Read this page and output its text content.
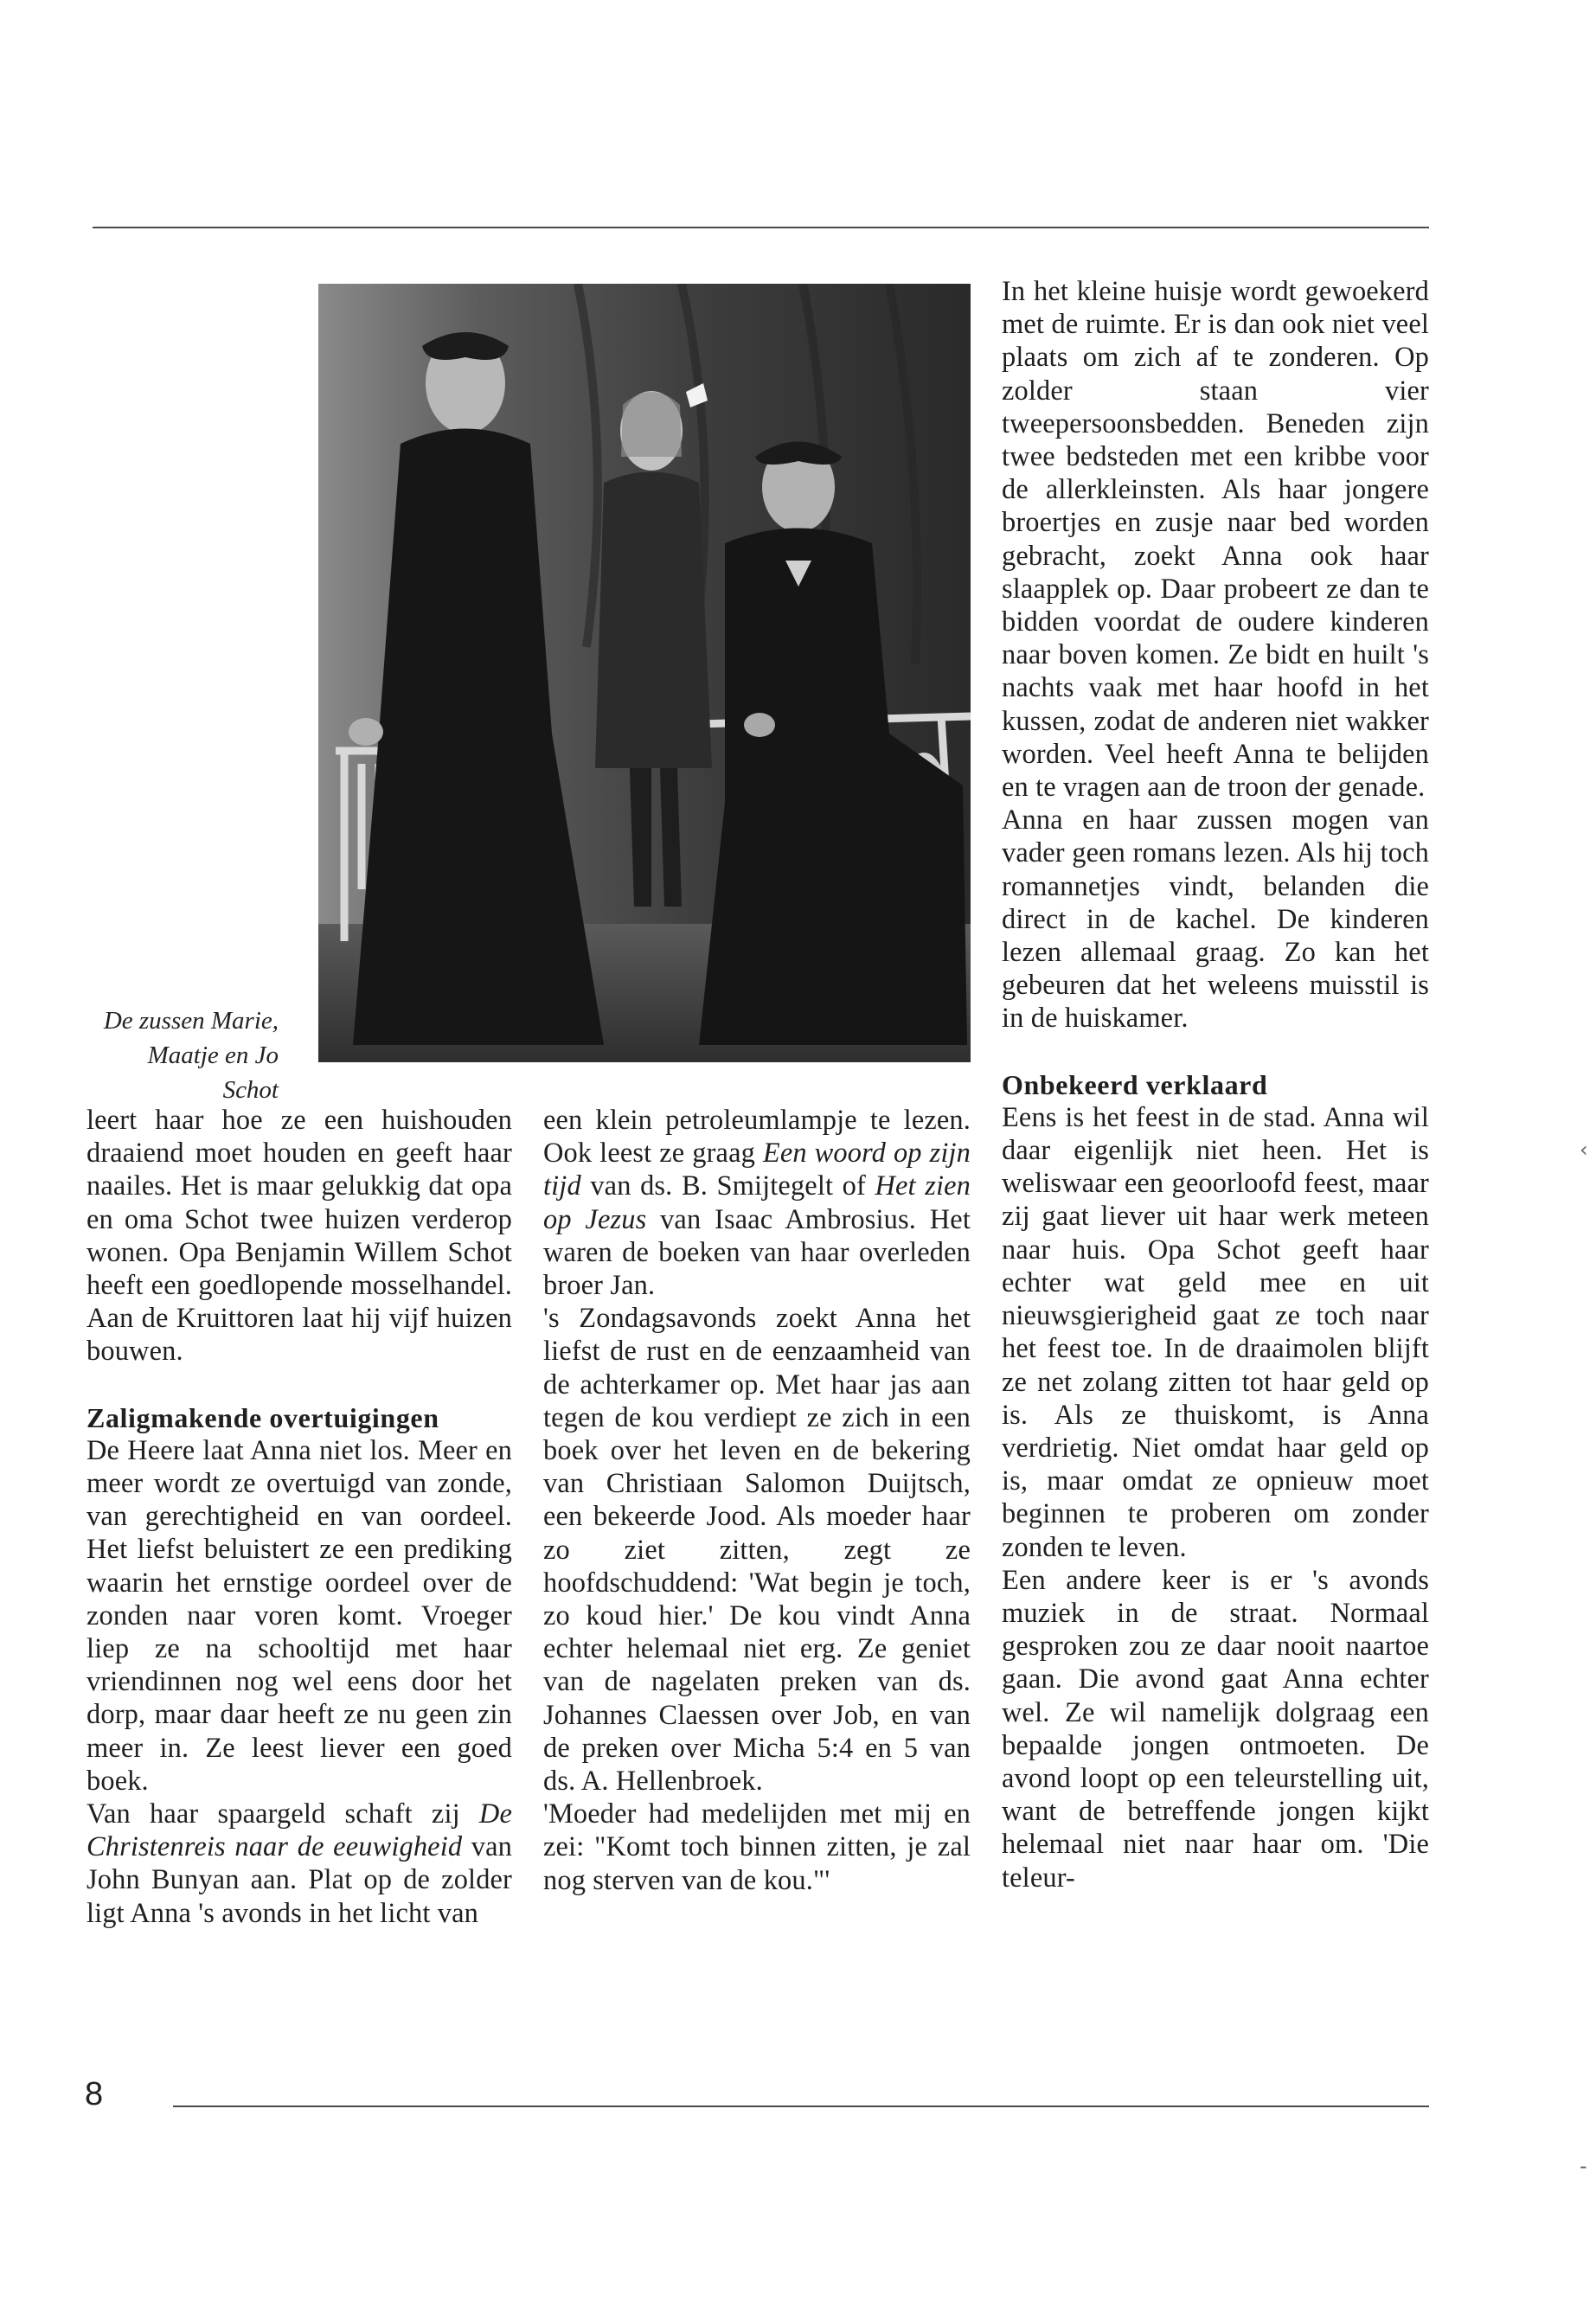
De zussen Marie,
Maatje en Jo Schot

leert haar hoe ze een huishouden draaiend moet houden en geeft haar naailes. Het is maar gelukkig dat opa en oma Schot twee huizen verderop wonen. Opa Benjamin Willem Schot heeft een goedlopende mosselhandel. Aan de Kruittoren laat hij vijf huizen bouwen.

Zaligmakende overtuigingen

De Heere laat Anna niet los. Meer en meer wordt ze overtuigd van zonde, van gerechtigheid en van oordeel. Het liefst beluistert ze een prediking waarin het ernstige oordeel over de zonden naar voren komt. Vroeger liep ze na schooltijd met haar vriendinnen nog wel eens door het dorp, maar daar heeft ze nu geen zin meer in. Ze leest liever een goed boek.

Van haar spaargeld schaft zij De Christenreis naar de eeuwigheid van John Bunyan aan. Plat op de zolder ligt Anna 's avonds in het licht van

een klein petroleumlampje te lezen. Ook leest ze graag Een woord op zijn tijd van ds. B. Smijtegelt of Het zien op Jezus van Isaac Ambrosius. Het waren de boeken van haar overleden broer Jan.

's Zondagsavonds zoekt Anna het liefst de rust en de eenzaamheid van de achterkamer op. Met haar jas aan tegen de kou verdiept ze zich in een boek over het leven en de bekering van Christiaan Salomon Duijtsch, een bekeerde Jood. Als moeder haar zo ziet zitten, zegt ze hoofdschuddend: 'Wat begin je toch, zo koud hier.' De kou vindt Anna echter helemaal niet erg. Ze geniet van de nagelaten preken van ds. Johannes Claessen over Job, en van de preken over Micha 5:4 en 5 van ds. A. Hellenbroek.

'Moeder had medelijden met mij en zei: "Komt toch binnen zitten, je zal nog sterven van de kou."'

In het kleine huisje wordt gewoekerd met de ruimte. Er is dan ook niet veel plaats om zich af te zonderen. Op zolder staan vier tweepersoonsbedden. Beneden zijn twee bedsteden met een kribbe voor de allerkleinsten. Als haar jongere broertjes en zusje naar bed worden gebracht, zoekt Anna ook haar slaapplek op. Daar probeert ze dan te bidden voordat de oudere kinderen naar boven komen. Ze bidt en huilt 's nachts vaak met haar hoofd in het kussen, zodat de anderen niet wakker worden. Veel heeft Anna te belijden en te vragen aan de troon der genade.

Anna en haar zussen mogen van vader geen romans lezen. Als hij toch romannetjes vindt, belanden die direct in de kachel. De kinderen lezen allemaal graag. Zo kan het gebeuren dat het weleens muisstil is in de huiskamer.

Onbekeerd verklaard

Eens is het feest in de stad. Anna wil daar eigenlijk niet heen. Het is weliswaar een geoorloofd feest, maar zij gaat liever uit haar werk meteen naar huis. Opa Schot geeft haar echter wat geld mee en uit nieuwsgierigheid gaat ze toch naar het feest toe. In de draaimolen blijft ze net zolang zitten tot haar geld op is. Als ze thuiskomt, is Anna verdrietig. Niet omdat haar geld op is, maar omdat ze opnieuw moet beginnen te proberen om zonder zonden te leven.

Een andere keer is er 's avonds muziek in de straat. Normaal gesproken zou ze daar nooit naartoe gaan. Die avond gaat Anna echter wel. Ze wil namelijk dolgraag een bepaalde jongen ontmoeten. De avond loopt op een teleurstelling uit, want de betreffende jongen kijkt helemaal niet naar haar om. 'Die teleur-

8
‹
-
